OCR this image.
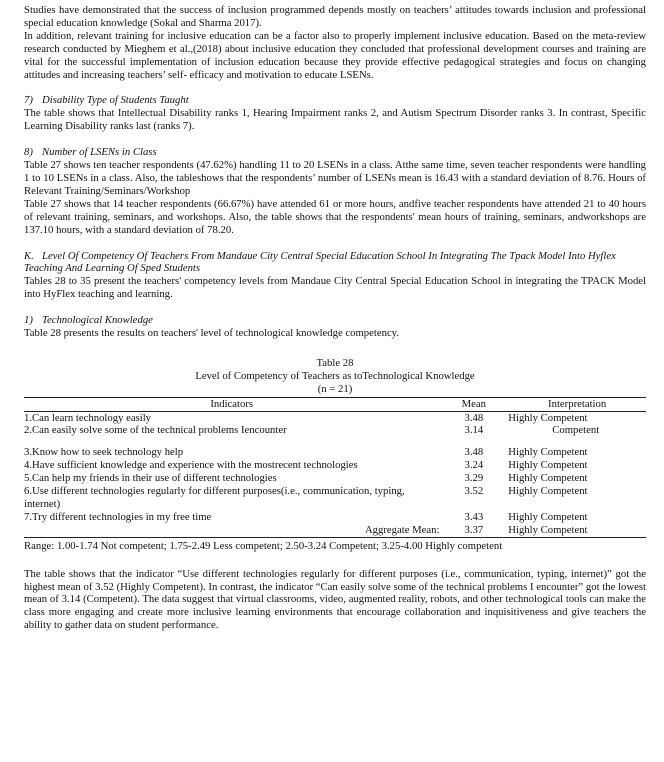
Studies have demonstrated that the success of inclusion programmed depends mostly on teachers’ attitudes towards inclusion and professional special education knowledge (Sokal and Sharma 2017).

In addition, relevant training for inclusive education can be a factor also to properly implement inclusive education. Based on the meta-review research conducted by Mieghem et al.,(2018) about inclusive education they concluded that professional development courses and training are vital for the successful implementation of inclusion education because they provide effective pedagogical strategies and focus on changing attitudes and increasing teachers’ self- efficacy and motivation to educate LSENs.

7) Disability Type of Students Taught

The table shows that Intellectual Disability ranks 1, Hearing Impairment ranks 2, and Autism Spectrum Disorder ranks 3. In contrast, Specific Learning Disability ranks last (ranks 7).

8) Number of LSENs in Class

Table 27 shows ten teacher respondents (47.62%) handling 11 to 20 LSENs in a class. Atthe same time, seven teacher respondents were handling 1 to 10 LSENs in a class. Also, the tableshows that the respondents’ number of LSENs mean is 16.43 with a standard deviation of 8.76. Hours of Relevant Training/Seminars/Workshop

Table 27 shows that 14 teacher respondents (66.67%) have attended 61 or more hours, andfive teacher respondents have attended 21 to 40 hours of relevant training, seminars, and workshops. Also, the table shows that the respondents' mean hours of training, seminars, andworkshops are 137.10 hours, with a standard deviation of 78.20.

K. Level Of Competency Of Teachers From Mandaue City Central Special Education School In Integrating The Tpack Model Into Hyflex Teaching And Learning Of Sped Students

Tables 28 to 35 present the teachers' competency levels from Mandaue City Central Special Education School in integrating the TPACK Model into HyFlex teaching and learning.

1) Technological Knowledge

Table 28 presents the results on teachers' level of technological knowledge competency.

Table 28
Level of Competency of Teachers as toTechnological Knowledge
(n = 21)
Indicators	Mean	Interpretation
1.Can learn technology easily	3.48	Highly Competent
2.Can easily solve some of the technical problems Iencounter	3.14	Competent

3.Know how to seek technology help	3.48	Highly Competent
4.Have sufficient knowledge and experience with the mostrecent technologies	3.24	Highly Competent
5.Can help my friends in their use of different technologies	3.29	Highly Competent
6.Use different technologies regularly for different purposes(i.e., communication, typing, internet)	3.52	Highly Competent
7.Try different technologies in my free time	3.43	Highly Competent
Aggregate Mean:	3.37	Highly Competent
Range: 1.00-1.74 Not competent; 1.75-2.49 Less competent; 2.50-3.24 Competent; 3.25-4.00 Highly competent

The table shows that the indicator “Use different technologies regularly for different purposes (i.e., communication, typing, internet)” got the highest mean of 3.52 (Highly Competent). In contrast, the indicator “Can easily solve some of the technical problems I encounter” got the lowest mean of 3.14 (Competent). The data suggest that virtual classrooms, video, augmented reality, robots, and other technological tools can make the class more engaging and create more inclusive learning environments that encourage collaboration and inquisitiveness and give teachers the ability to gather data on student performance.
